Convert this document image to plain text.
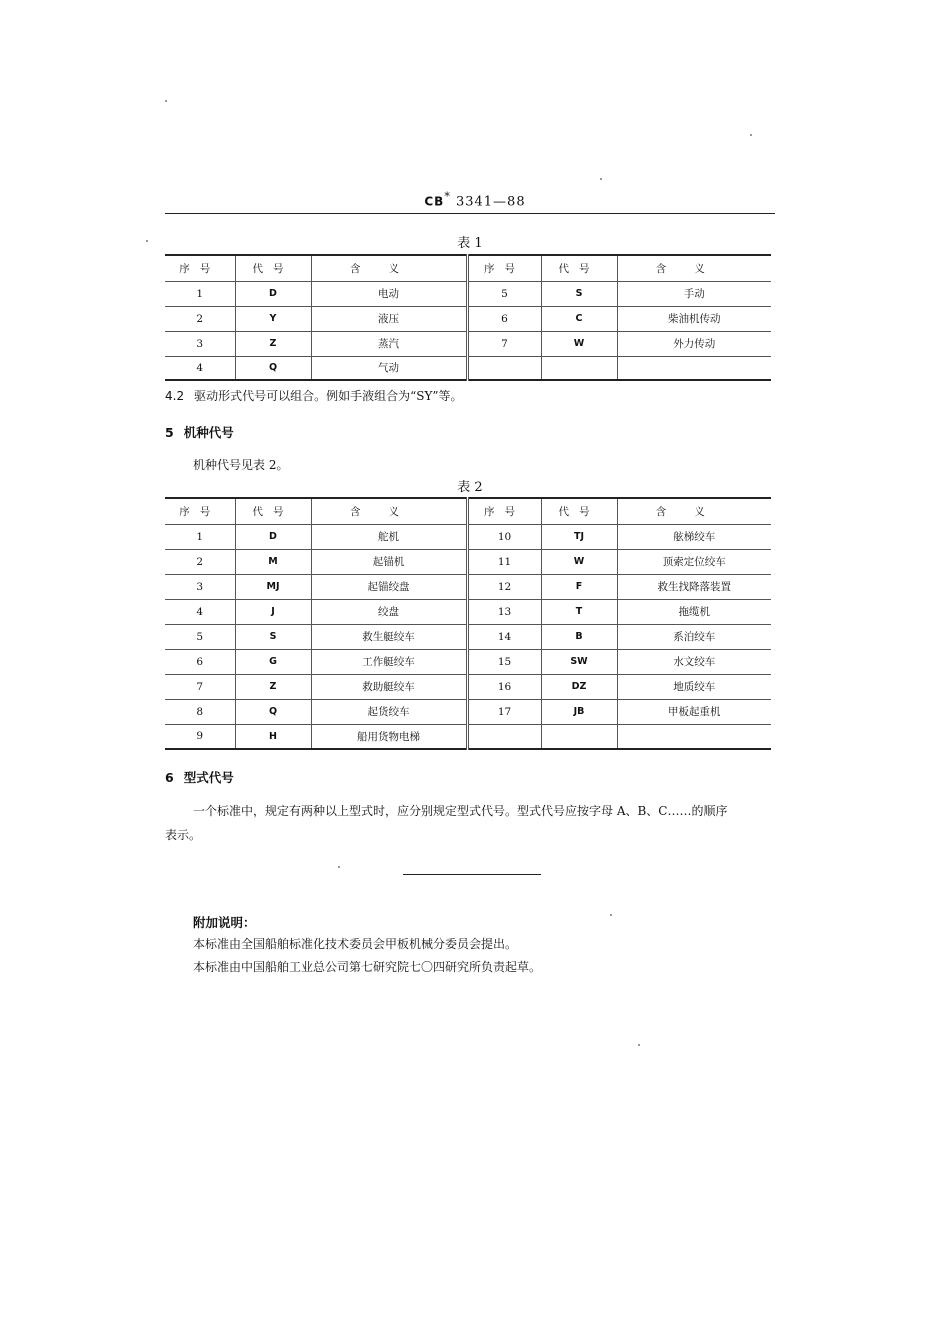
CB* 3341—88
表 1
序号	代号	含义	序号	代号	含义
1	D	电动	5	S	手动
2	Y	液压	6	C	柴油机传动
3	Z	蒸汽	7	W	外力传动
4	Q	气动			
4.2 驱动形式代号可以组合。例如手液组合为“SY”等。
5 机种代号
机种代号见表 2。
表 2
序号	代号	含义	序号	代号	含义
1	D	舵机	10	TJ	舷梯绞车
2	M	起锚机	11	W	顶索定位绞车
3	MJ	起锚绞盘	12	F	救生找降落装置
4	J	绞盘	13	T	拖缆机
5	S	救生艇绞车	14	B	系泊绞车
6	G	工作艇绞车	15	SW	水文绞车
7	Z	救助艇绞车	16	DZ	地质绞车
8	Q	起货绞车	17	JB	甲板起重机
9	H	船用货物电梯			
6 型式代号
一个标准中，规定有两种以上型式时，应分别规定型式代号。型式代号应按字母 A、B、C……的顺序
表示。
附加说明：
本标准由全国船舶标准化技术委员会甲板机械分委员会提出。
本标准由中国船舶工业总公司第七研究院七〇四研究所负责起草。
